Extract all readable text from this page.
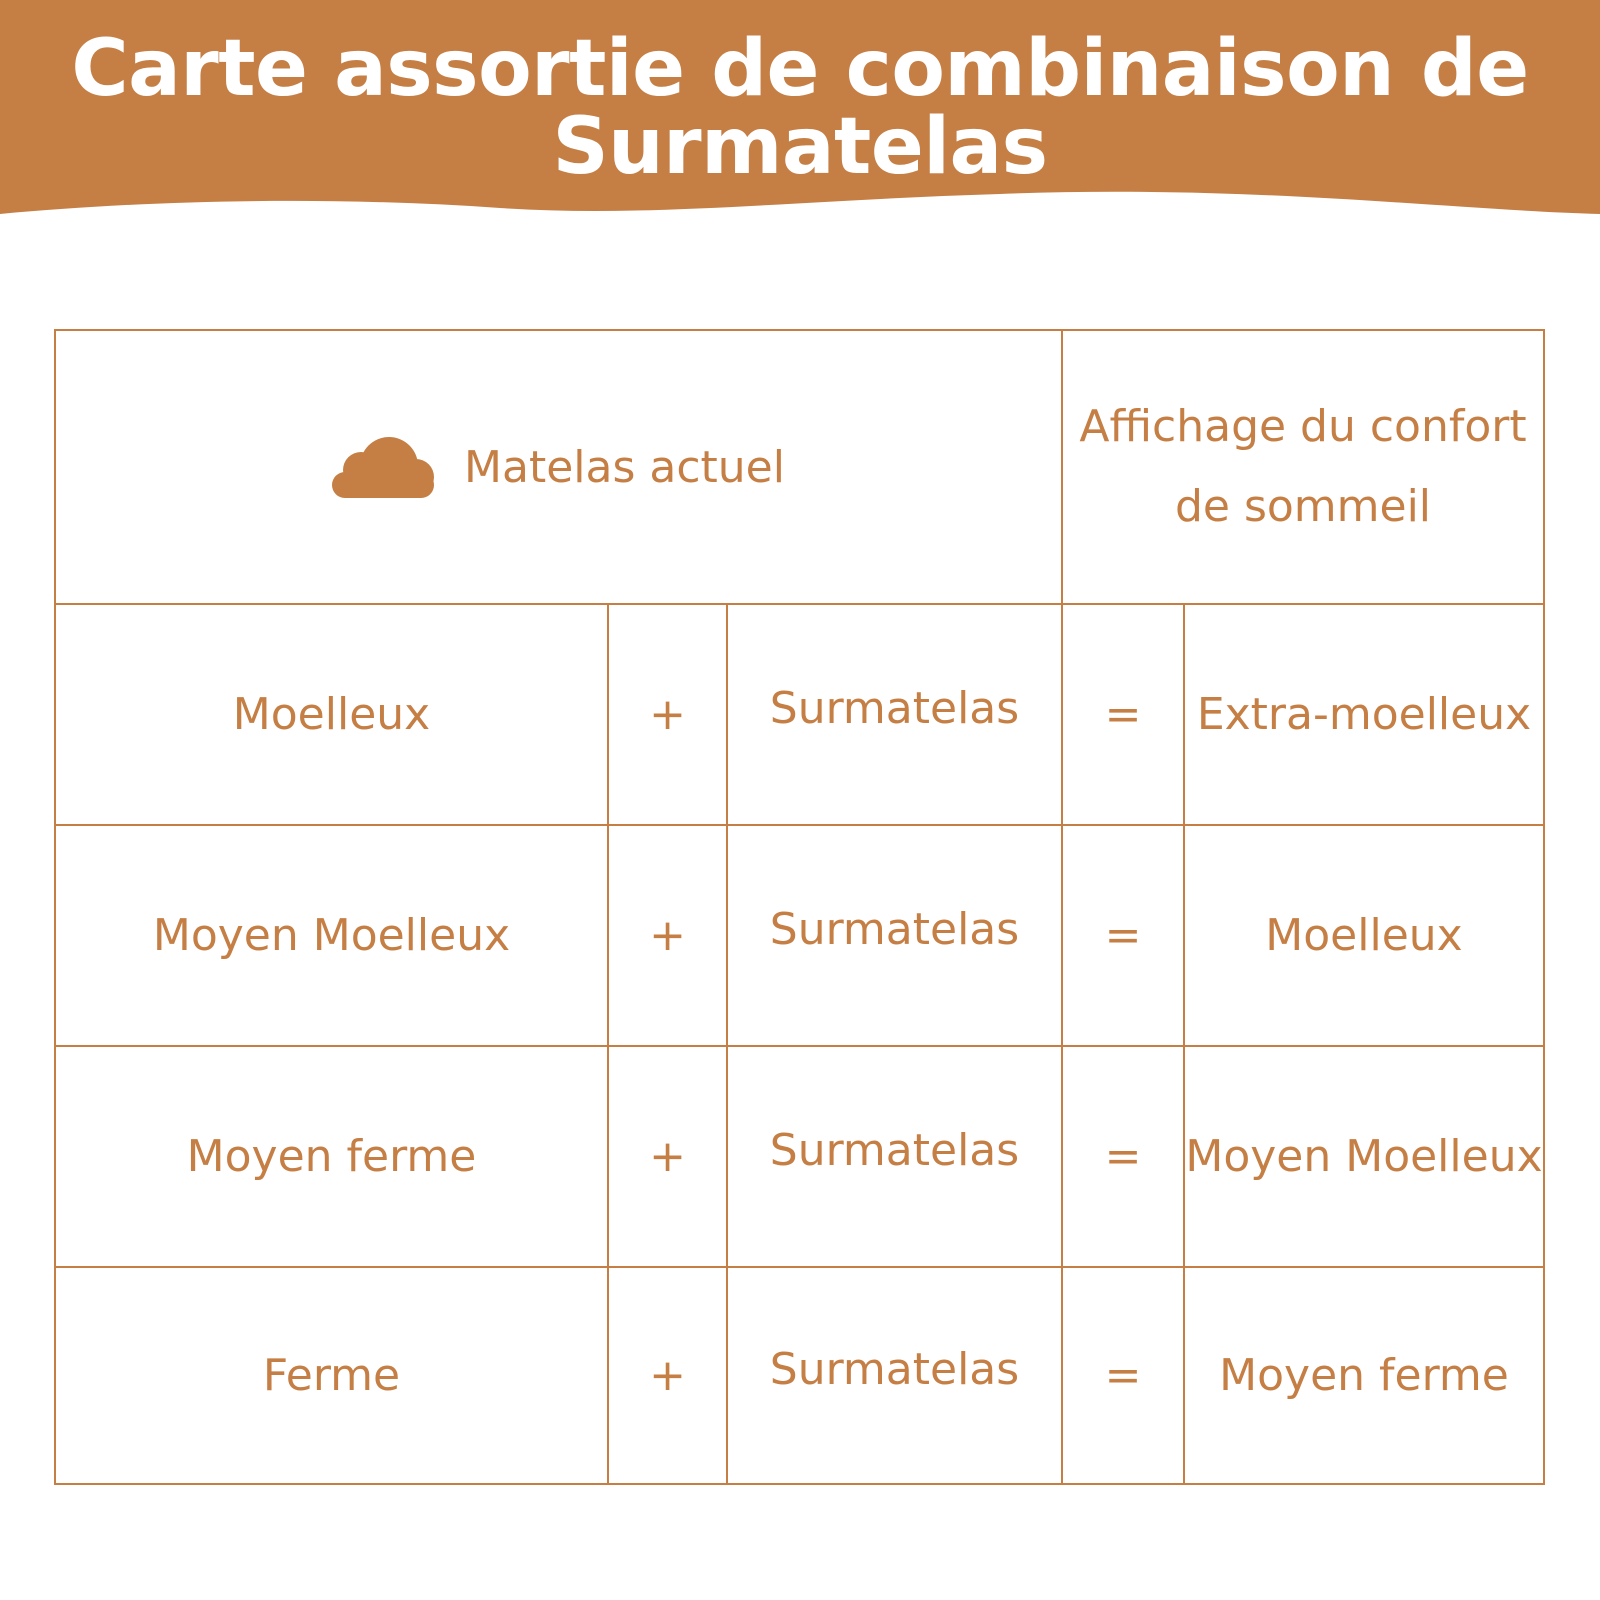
Carte assortie de combinaison de
Surmatelas
Matelas actuel
Affichage du confort
de sommeil
Moelleux	+	Surmatelas	=	Extra-moelleux
Moyen Moelleux	+	Surmatelas	=	Moelleux
Moyen ferme	+	Surmatelas	= Moyen Moelleux
Ferme	+	Surmatelas	=	Moyen ferme
